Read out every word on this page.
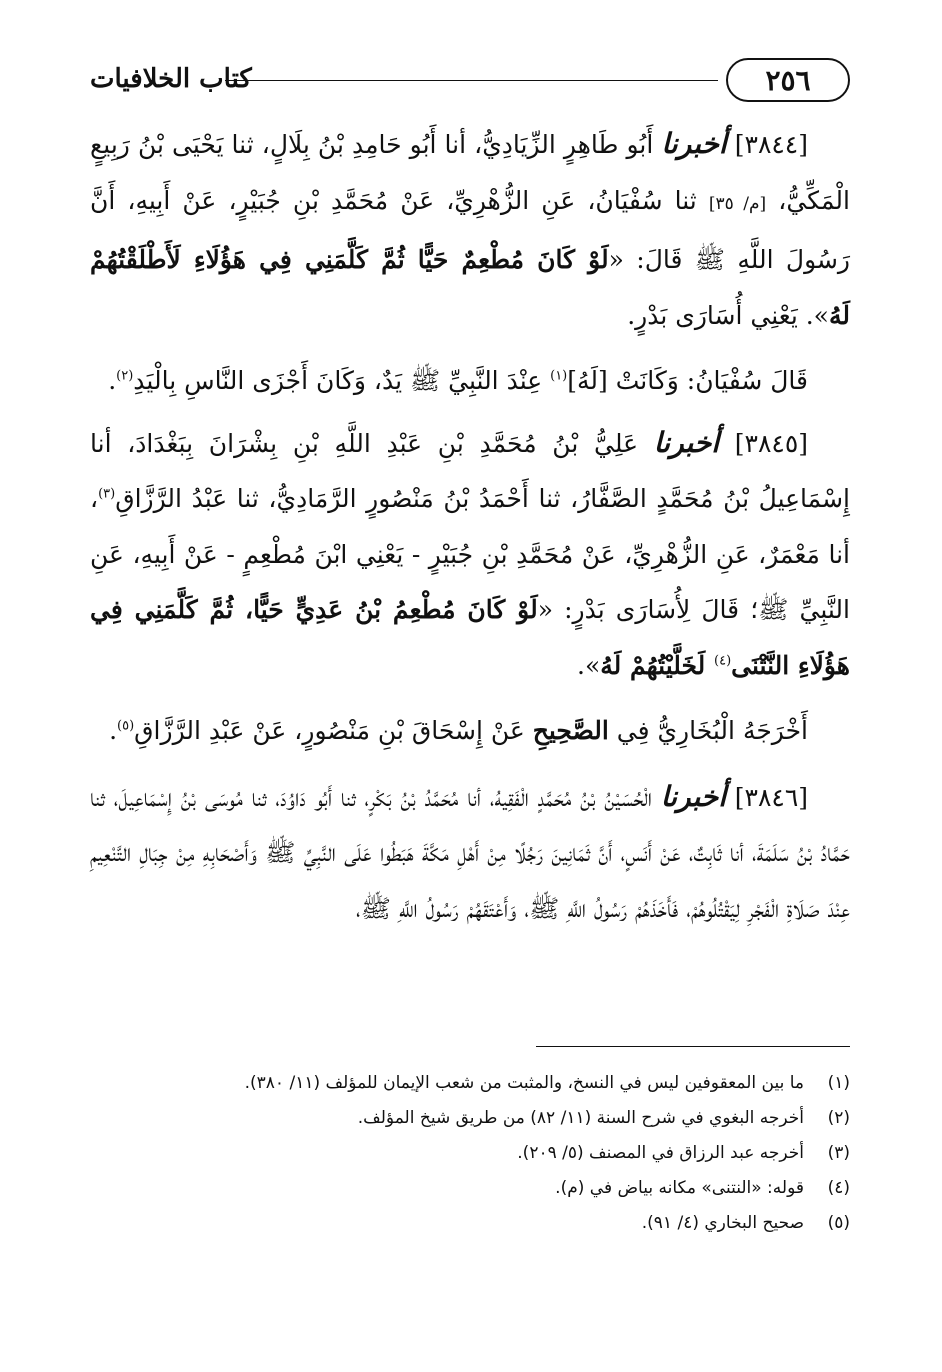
كتاب الخلافيات	٢٥٦

[٣٨٤٤] أخبرنا أَبُو طَاهِرٍ الزِّيَادِيُّ، أنا أَبُو حَامِدِ بْنُ بِلَالٍ، ثنا يَحْيَى بْنُ رَبِيعٍ الْمَكِّيُّ، [م/ ٣٥] ثنا سُفْيَانُ، عَنِ الزُّهْرِيِّ، عَنْ مُحَمَّدِ بْنِ جُبَيْرٍ، عَنْ أَبِيهِ، أَنَّ رَسُولَ اللَّهِ ﷺ قَالَ: «لَوْ كَانَ مُطْعِمٌ حَيًّا ثُمَّ كَلَّمَنِي فِي هَؤُلَاءِ لَأَطْلَقْتُهُمْ لَهُ». يَعْنِي أُسَارَى بَدْرٍ.

قَالَ سُفْيَانُ: وَكَانَتْ [لَهُ]$^{(١)}$ عِنْدَ النَّبِيِّ ﷺ يَدٌ، وَكَانَ أَجْزَى النَّاسِ بِالْيَدِ$^{(٢)}$.

[٣٨٤٥] أخبرنا عَلِيُّ بْنُ مُحَمَّدِ بْنِ عَبْدِ اللَّهِ بْنِ بِشْرَانَ بِبَغْدَادَ، أنا إِسْمَاعِيلُ بْنُ مُحَمَّدٍ الصَّفَّارُ، ثنا أَحْمَدُ بْنُ مَنْصُورٍ الرَّمَادِيُّ، ثنا عَبْدُ الرَّزَّاقِ$^{(٣)}$، أنا مَعْمَرٌ، عَنِ الزُّهْرِيِّ، عَنْ مُحَمَّدِ بْنِ جُبَيْرٍ - يَعْنِي ابْنَ مُطْعِمٍ - عَنْ أَبِيهِ، عَنِ النَّبِيِّ ﷺ؛ قَالَ لِأُسَارَى بَدْرٍ: «لَوْ كَانَ مُطْعِمُ بْنُ عَدِيٍّ حَيًّا، ثُمَّ كَلَّمَنِي فِي هَؤُلَاءِ النَّتْنَى$^{(٤)}$ لَخَلَّيْتُهُمْ لَهُ».

أَخْرَجَهُ الْبُخَارِيُّ فِي الصَّحِيحِ عَنْ إِسْحَاقَ بْنِ مَنْصُورٍ، عَنْ عَبْدِ الرَّزَّاقِ$^{(٥)}$.

[٣٨٤٦] أخبرنا الْحُسَيْنُ بْنُ مُحَمَّدٍ الْفَقِيهُ، أنا مُحَمَّدُ بْنُ بَكْرٍ، ثنا أَبُو دَاوُدَ، ثنا مُوسَى بْنُ إِسْمَاعِيلَ، ثنا حَمَّادُ بْنُ سَلَمَةَ، أنا ثَابِتٌ، عَنْ أَنَسٍ، أَنَّ ثَمَانِينَ رَجُلًا مِنْ أَهْلِ مَكَّةَ هَبَطُوا عَلَى النَّبِيِّ ﷺ وَأَصْحَابِهِ مِنْ جِبَالِ التَّنْعِيمِ عِنْدَ صَلَاةِ الْفَجْرِ لِيَقْتُلُوهُمْ، فَأَخَذَهُمْ رَسُولُ اللَّهِ ﷺ، وَأَعْتَقَهُمْ رَسُولُ اللَّهِ ﷺ،

(١)
ما بين المعقوفين ليس في النسخ، والمثبت من شعب الإيمان للمؤلف (١١/ ٣٨٠).
(٢)
أخرجه البغوي في شرح السنة (١١/ ٨٢) من طريق شيخ المؤلف.
(٣)
أخرجه عبد الرزاق في المصنف (٥/ ٢٠٩).
(٤)
قوله: «النتنى» مكانه بياض في (م).
(٥)
صحيح البخاري (٤/ ٩١).
